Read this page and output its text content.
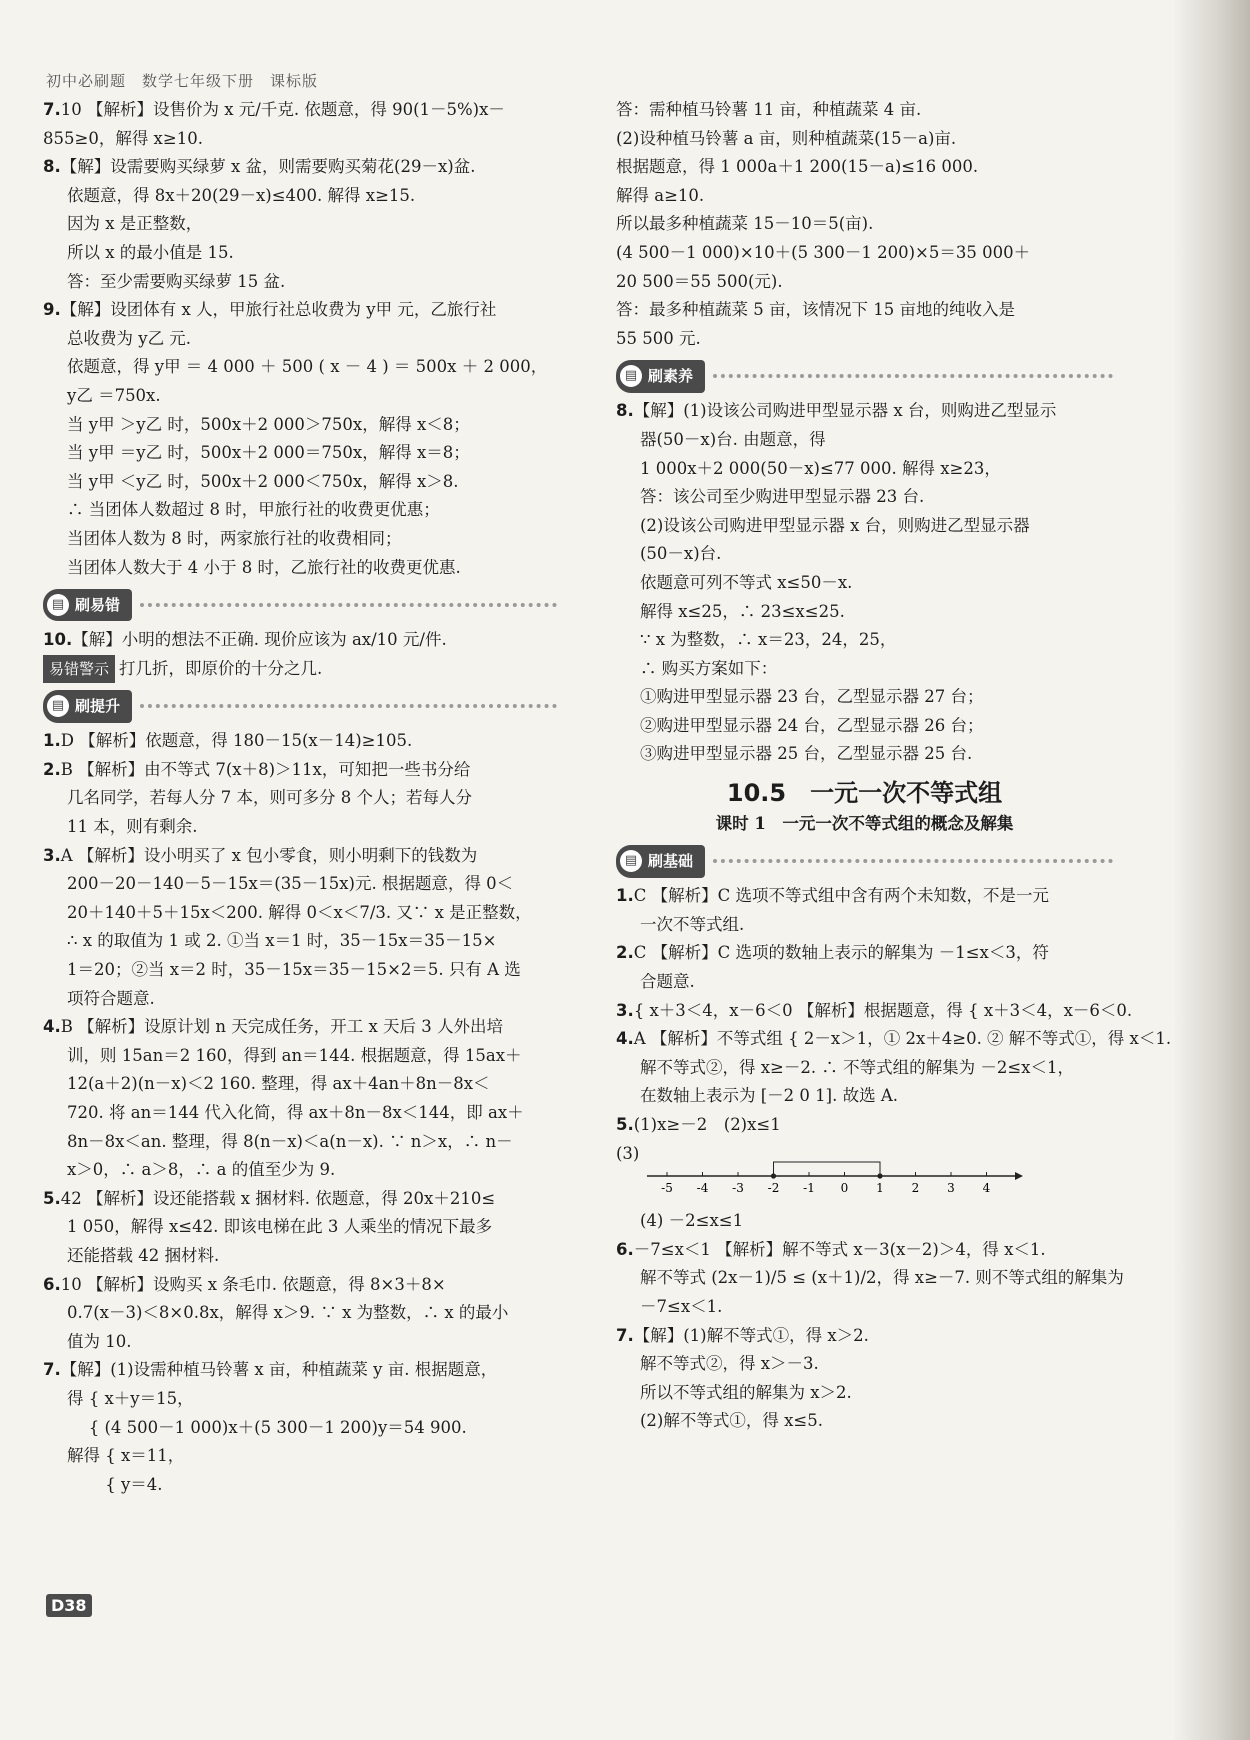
初中必刷题　数学七年级下册　课标版
7.10 【解析】设售价为 x 元/千克. 依题意，得 90(1－5%)x－
855≥0，解得 x≥10.
8.【解】设需要购买绿萝 x 盆，则需要购买菊花(29－x)盆.
依题意，得 8x＋20(29－x)≤400. 解得 x≥15.
因为 x 是正整数，
所以 x 的最小值是 15.
答：至少需要购买绿萝 15 盆.
9.【解】设团体有 x 人，甲旅行社总收费为 y甲 元，乙旅行社
总收费为 y乙 元.
依题意，得 y甲 ＝ 4 000 ＋ 500 ( x － 4 ) ＝ 500x ＋ 2 000，
y乙 ＝750x.
当 y甲 ＞y乙 时，500x＋2 000＞750x，解得 x＜8；
当 y甲 ＝y乙 时，500x＋2 000＝750x，解得 x＝8；
当 y甲 ＜y乙 时，500x＋2 000＜750x，解得 x＞8.
∴ 当团体人数超过 8 时，甲旅行社的收费更优惠；
当团体人数为 8 时，两家旅行社的收费相同；
当团体人数大于 4 小于 8 时，乙旅行社的收费更优惠.
▤ 刷易错
10.【解】小明的想法不正确. 现价应该为 ax/10 元/件.
易错警示 打几折，即原价的十分之几.
▤ 刷提升
1.D 【解析】依题意，得 180－15(x－14)≥105.
2.B 【解析】由不等式 7(x＋8)＞11x，可知把一些书分给
几名同学，若每人分 7 本，则可多分 8 个人；若每人分
11 本，则有剩余.
3.A 【解析】设小明买了 x 包小零食，则小明剩下的钱数为
200－20－140－5－15x＝(35－15x)元. 根据题意，得 0＜
20＋140＋5＋15x＜200. 解得 0＜x＜7/3. 又∵ x 是正整数，
∴ x 的取值为 1 或 2. ①当 x＝1 时，35－15x＝35－15×
1＝20；②当 x＝2 时，35－15x＝35－15×2＝5. 只有 A 选
项符合题意.
4.B 【解析】设原计划 n 天完成任务，开工 x 天后 3 人外出培
训，则 15an＝2 160，得到 an＝144. 根据题意，得 15ax＋
12(a＋2)(n－x)＜2 160. 整理，得 ax＋4an＋8n－8x＜
720. 将 an＝144 代入化简，得 ax＋8n－8x＜144，即 ax＋
8n－8x＜an. 整理，得 8(n－x)＜a(n－x). ∵ n＞x，∴ n－
x＞0，∴ a＞8，∴ a 的值至少为 9.
5.42 【解析】设还能搭载 x 捆材料. 依题意，得 20x＋210≤
1 050，解得 x≤42. 即该电梯在此 3 人乘坐的情况下最多
还能搭载 42 捆材料.
6.10 【解析】设购买 x 条毛巾. 依题意，得 8×3＋8×
0.7(x－3)＜8×0.8x，解得 x＞9. ∵ x 为整数，∴ x 的最小
值为 10.
7.【解】(1)设需种植马铃薯 x 亩，种植蔬菜 y 亩. 根据题意，
得 { x＋y＝15，
　 { (4 500－1 000)x＋(5 300－1 200)y＝54 900.
解得 { x＝11，
　　 { y＝4.
答：需种植马铃薯 11 亩，种植蔬菜 4 亩.
(2)设种植马铃薯 a 亩，则种植蔬菜(15－a)亩.
根据题意，得 1 000a＋1 200(15－a)≤16 000.
解得 a≥10.
所以最多种植蔬菜 15－10＝5(亩).
(4 500－1 000)×10＋(5 300－1 200)×5＝35 000＋
20 500＝55 500(元).
答：最多种植蔬菜 5 亩，该情况下 15 亩地的纯收入是
55 500 元.
▤ 刷素养
8.【解】(1)设该公司购进甲型显示器 x 台，则购进乙型显示
器(50－x)台. 由题意，得
1 000x＋2 000(50－x)≤77 000. 解得 x≥23，
答：该公司至少购进甲型显示器 23 台.
(2)设该公司购进甲型显示器 x 台，则购进乙型显示器
(50－x)台.
依题意可列不等式 x≤50－x.
解得 x≤25，∴ 23≤x≤25.
∵ x 为整数，∴ x＝23，24，25，
∴ 购买方案如下：
①购进甲型显示器 23 台，乙型显示器 27 台；
②购进甲型显示器 24 台，乙型显示器 26 台；
③购进甲型显示器 25 台，乙型显示器 25 台.
10.5　一元一次不等式组
课时 1　一元一次不等式组的概念及解集
▤ 刷基础
1.C 【解析】C 选项不等式组中含有两个未知数，不是一元
一次不等式组.
2.C 【解析】C 选项的数轴上表示的解集为 －1≤x＜3，符
合题意.
3.{ x＋3＜4，x－6＜0 【解析】根据题意，得 { x＋3＜4，x－6＜0.
4.A 【解析】不等式组 { 2－x＞1，① 2x＋4≥0. ② 解不等式①，得 x＜1.
解不等式②，得 x≥－2. ∴ 不等式组的解集为 －2≤x＜1，
在数轴上表示为 [－2 0 1]. 故选 A.
5.(1)x≥－2　(2)x≤1
(3)
-5 -4 -3 -2 -1 0 1 2 3 4
(4) －2≤x≤1
6.－7≤x＜1 【解析】解不等式 x－3(x－2)＞4，得 x＜1.
解不等式 (2x－1)/5 ≤ (x＋1)/2，得 x≥－7. 则不等式组的解集为
－7≤x＜1.
7.【解】(1)解不等式①，得 x＞2.
解不等式②，得 x＞－3.
所以不等式组的解集为 x＞2.
(2)解不等式①，得 x≤5.
D38
